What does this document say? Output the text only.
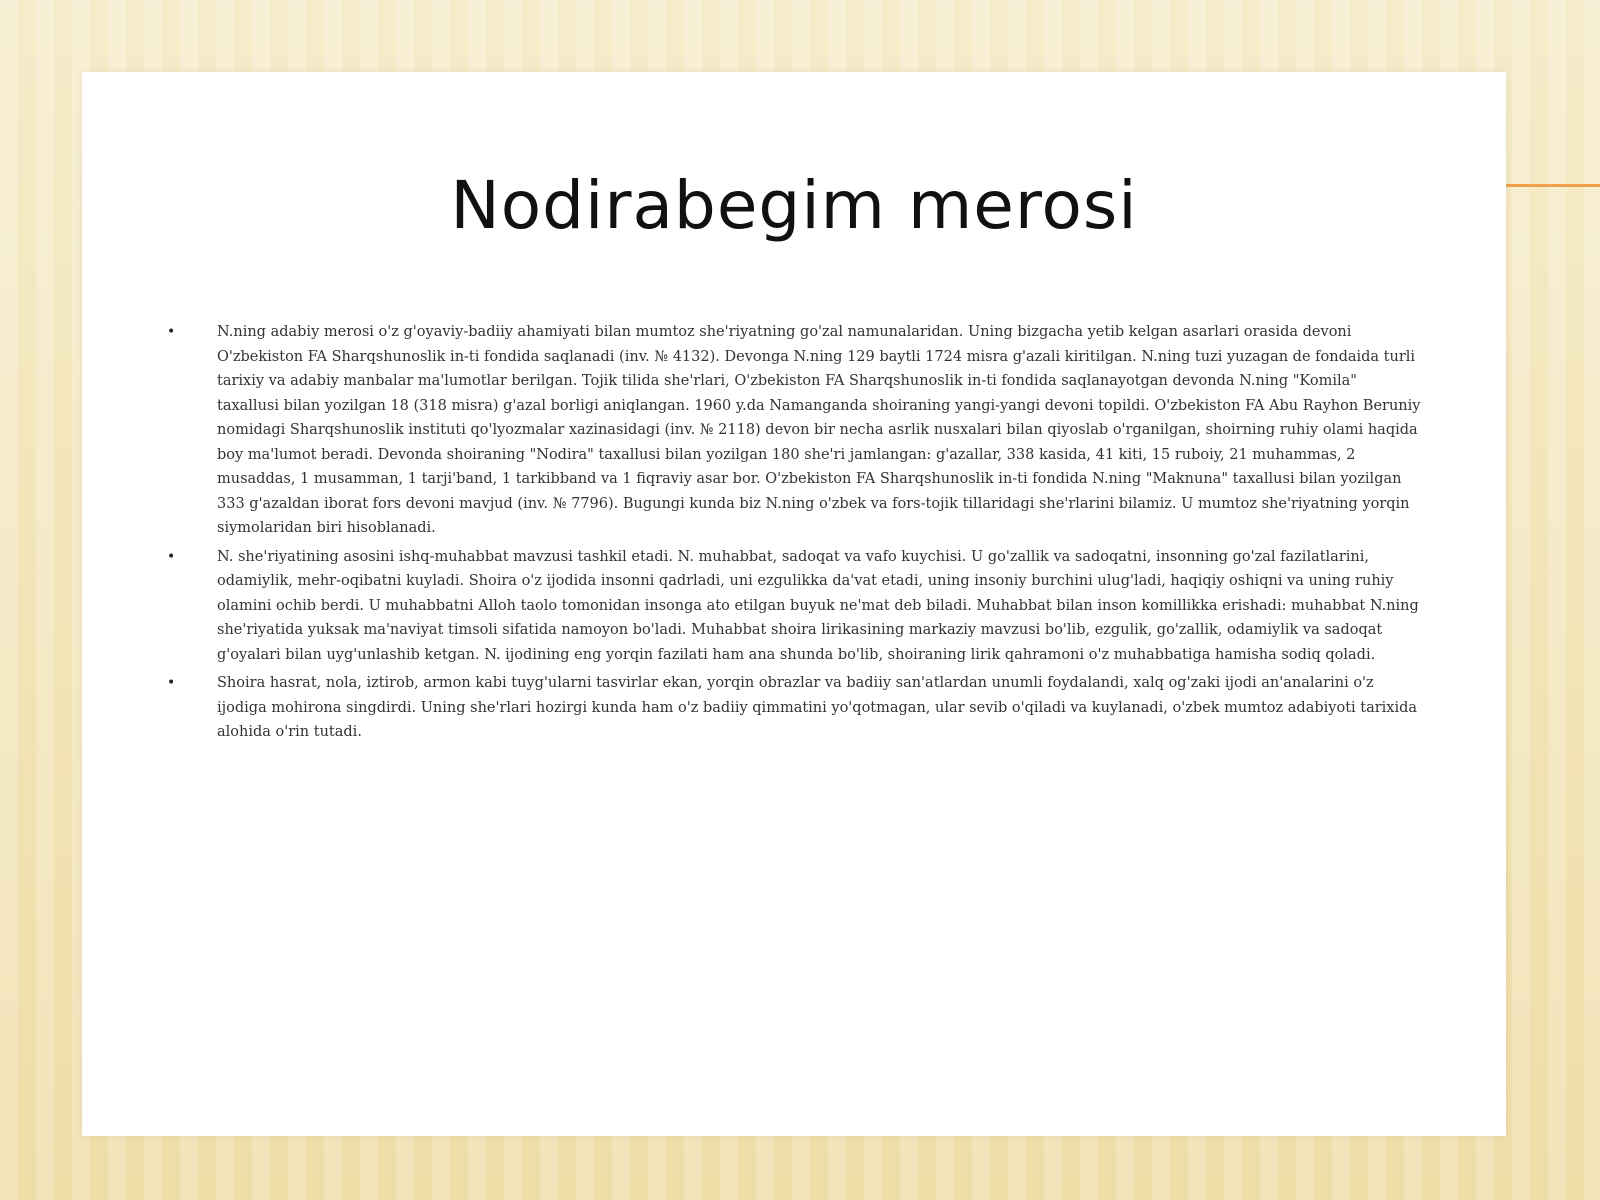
Nodirabegim merosi
•	N.ning adabiy merosi o'z g'oyaviy-badiiy ahamiyati bilan mumtoz she'riyatning go'zal namunalaridan. Uning bizgacha yetib kelgan asarlari orasida devoni O'zbekiston FA Sharqshunoslik in-ti fondida saqlanadi (inv. № 4132). Devonga N.ning 129 baytli 1724 misra g'azali kiritilgan. N.ning tuzi yuzagan de fondaida turli tarixiy va adabiy manbalar ma'lumotlar berilgan. Tojik tilida she'rlari, O'zbekiston FA Sharqshunoslik in-ti fondida saqlanayotgan devonda N.ning "Komila" taxallusi bilan yozilgan 18 (318 misra) g'azal borligi aniqlangan. 1960 y.da Namanganda shoiraning yangi-yangi devoni topildi. O'zbekiston FA Abu Rayhon Beruniy nomidagi Sharqshunoslik instituti qo'lyozmalar xazinasidagi (inv. № 2118) devon bir necha asrlik nusxalari bilan qiyoslab o'rganilgan, shoirning ruhiy olami haqida boy ma'lumot beradi. Devonda shoiraning "Nodira" taxallusi bilan yozilgan 180 she'ri jamlangan: g'azallar, 338 kasida, 41 kiti, 15 ruboiy, 21 muhammas, 2 musaddas, 1 musamman, 1 tarji'band, 1 tarkibband va 1 fiqraviy asar bor. O'zbekiston FA Sharqshunoslik in-ti fondida N.ning "Maknuna" taxallusi bilan yozilgan 333 g'azaldan iborat fors devoni mavjud (inv. № 7796). Bugungi kunda biz N.ning o'zbek va fors-tojik tillaridagi she'rlarini bilamiz. U mumtoz she'riyatning yorqin siymolaridan biri hisoblanadi.
•	N. she'riyatining asosini ishq-muhabbat mavzusi tashkil etadi. N. muhabbat, sadoqat va vafo kuychisi. U go'zallik va sadoqatni, insonning go'zal fazilatlarini, odamiylik, mehr-oqibatni kuyladi. Shoira o'z ijodida insonni qadrladi, uni ezgulikka da'vat etadi, uning insoniy burchini ulug'ladi, haqiqiy oshiqni va uning ruhiy olamini ochib berdi. U muhabbatni Alloh taolo tomonidan insonga ato etilgan buyuk ne'mat deb biladi. Muhabbat bilan inson komillikka erishadi: muhabbat N.ning she'riyatida yuksak ma'naviyat timsoli sifatida namoyon bo'ladi. Muhabbat shoira lirikasining markaziy mavzusi bo'lib, ezgulik, go'zallik, odamiylik va sadoqat g'oyalari bilan uyg'unlashib ketgan. N. ijodining eng yorqin fazilati ham ana shunda bo'lib, shoiraning lirik qahramoni o'z muhabbatiga hamisha sodiq qoladi.
•	Shoira hasrat, nola, iztirob, armon kabi tuyg'ularni tasvirlar ekan, yorqin obrazlar va badiiy san'atlardan unumli foydalandi, xalq og'zaki ijodi an'analarini o'z ijodiga mohirona singdirdi. Uning she'rlari hozirgi kunda ham o'z badiiy qimmatini yo'qotmagan, ular sevib o'qiladi va kuylanadi, o'zbek mumtoz adabiyoti tarixida alohida o'rin tutadi.
